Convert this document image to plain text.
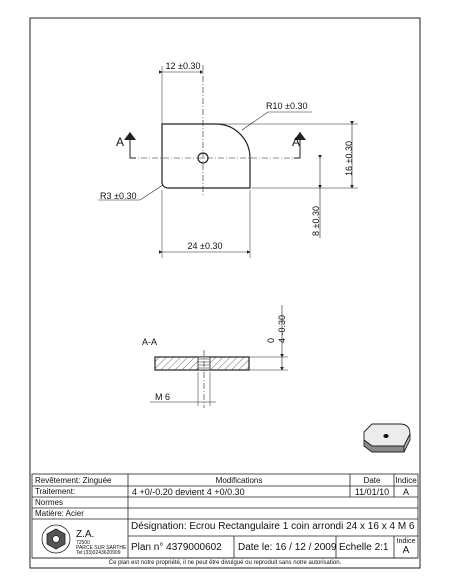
12 ±0.30
R10 ±0.30
16 ±0.30
R3 ±0.30
8 ±0.30
24 ±0.30
A	A
A-A	0
4 -0.30
M 6
Revêtement: Zinguée
Traitement:
Normes
Matière: Acier
Modifications	Date	Indice
4 +0/-0.20 devient 4 +0/0.30	11/01/10	A
Z.A.
72500
PARCE SUR SARTHE
Tel:(33)0243620909
Désignation: Ecrou Rectangulaire 1 coin arrondi 24 x 16 x 4 M 6
Plan n° 4379000602 Date le: 16 / 12 / 2009 Echelle 2:1
Indice
A
Ce plan est notre propriété, il ne peut être divulgué ou reproduit sans notre autorisation.
